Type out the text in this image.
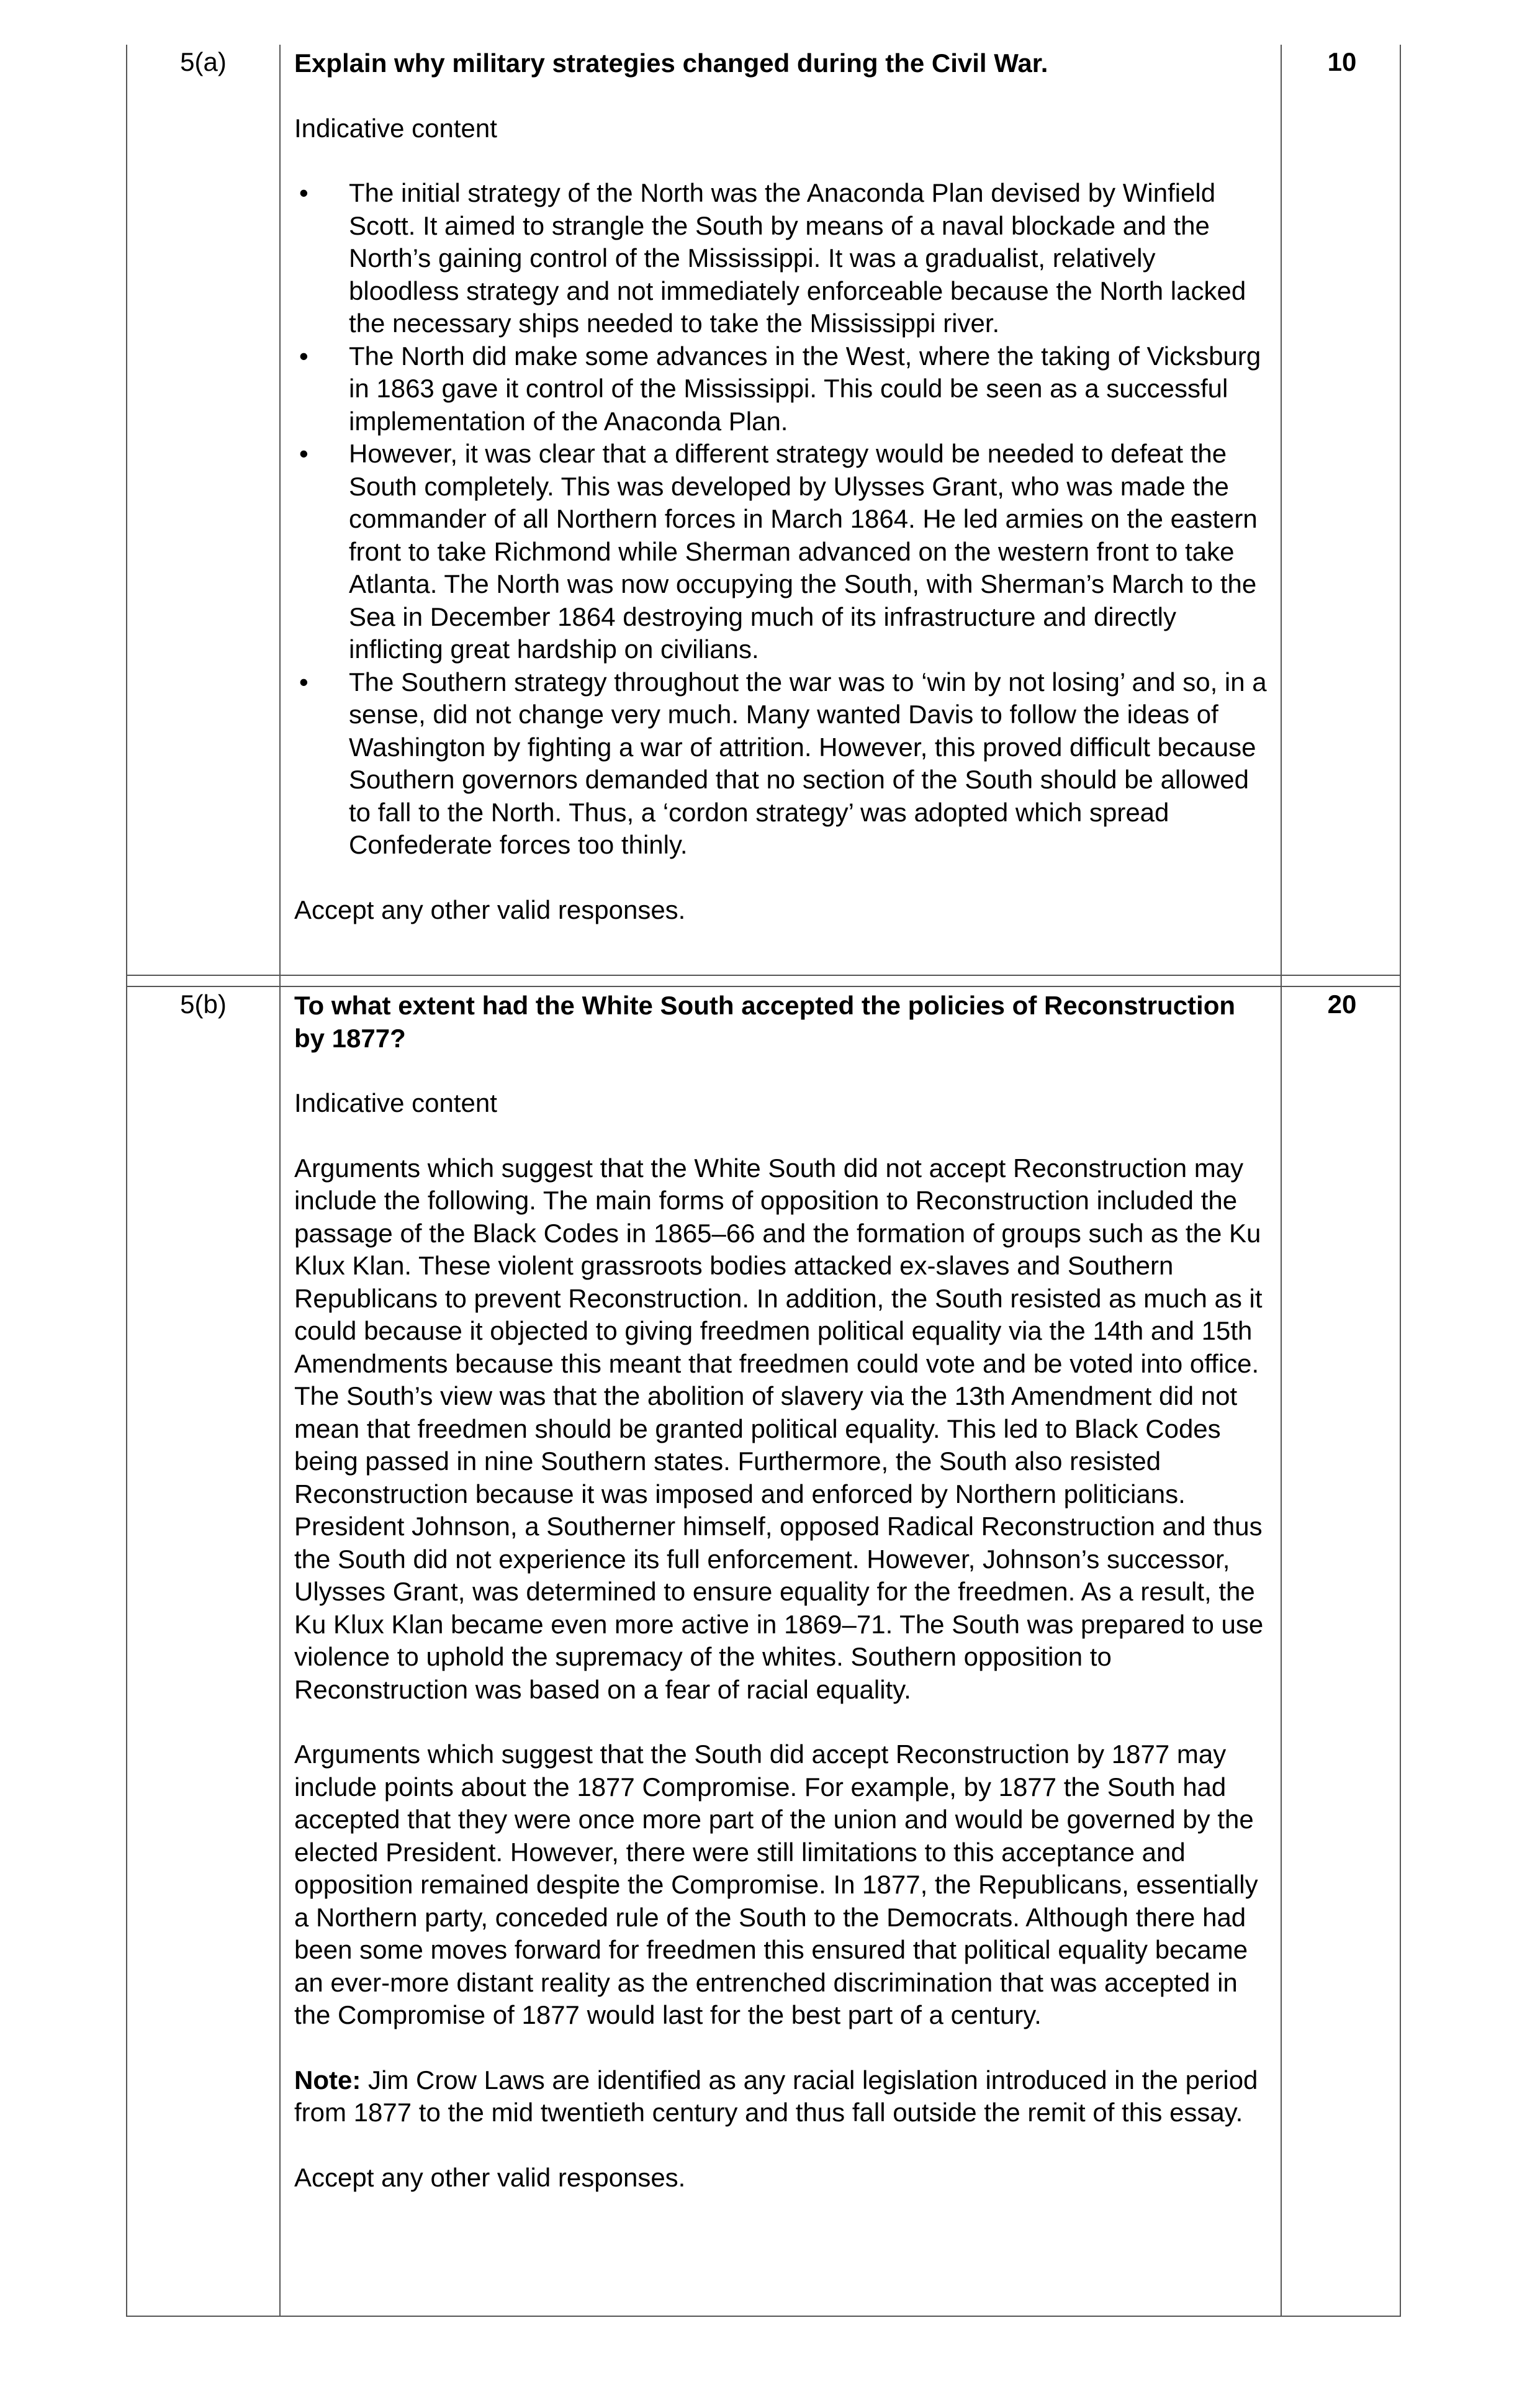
5(a)	Explain why military strategies changed during the Civil War.

Indicative content

• The initial strategy of the North was the Anaconda Plan devised by Winfield Scott. It aimed to strangle the South by means of a naval blockade and the North’s gaining control of the Mississippi. It was a gradualist, relatively bloodless strategy and not immediately enforceable because the North lacked the necessary ships needed to take the Mississippi river.
• The North did make some advances in the West, where the taking of Vicksburg in 1863 gave it control of the Mississippi. This could be seen as a successful implementation of the Anaconda Plan.
• However, it was clear that a different strategy would be needed to defeat the South completely. This was developed by Ulysses Grant, who was made the commander of all Northern forces in March 1864. He led armies on the eastern front to take Richmond while Sherman advanced on the western front to take Atlanta. The North was now occupying the South, with Sherman’s March to the Sea in December 1864 destroying much of its infrastructure and directly inflicting great hardship on civilians.
• The Southern strategy throughout the war was to ‘win by not losing’ and so, in a sense, did not change very much. Many wanted Davis to follow the ideas of Washington by fighting a war of attrition. However, this proved difficult because Southern governors demanded that no section of the South should be allowed to fall to the North. Thus, a ‘cordon strategy’ was adopted which spread Confederate forces too thinly.

Accept any other valid responses.

10
5(b)	To what extent had the White South accepted the policies of Reconstruction by 1877?

Indicative content

Arguments which suggest that the White South did not accept Reconstruction may include the following. The main forms of opposition to Reconstruction included the passage of the Black Codes in 1865–66 and the formation of groups such as the Ku Klux Klan. These violent grassroots bodies attacked ex-slaves and Southern Republicans to prevent Reconstruction. In addition, the South resisted as much as it could because it objected to giving freedmen political equality via the 14th and 15th Amendments because this meant that freedmen could vote and be voted into office. The South’s view was that the abolition of slavery via the 13th Amendment did not mean that freedmen should be granted political equality. This led to Black Codes being passed in nine Southern states. Furthermore, the South also resisted Reconstruction because it was imposed and enforced by Northern politicians. President Johnson, a Southerner himself, opposed Radical Reconstruction and thus the South did not experience its full enforcement. However, Johnson’s successor, Ulysses Grant, was determined to ensure equality for the freedmen. As a result, the Ku Klux Klan became even more active in 1869–71. The South was prepared to use violence to uphold the supremacy of the whites. Southern opposition to Reconstruction was based on a fear of racial equality.

Arguments which suggest that the South did accept Reconstruction by 1877 may include points about the 1877 Compromise. For example, by 1877 the South had accepted that they were once more part of the union and would be governed by the elected President. However, there were still limitations to this acceptance and opposition remained despite the Compromise. In 1877, the Republicans, essentially a Northern party, conceded rule of the South to the Democrats. Although there had been some moves forward for freedmen this ensured that political equality became an ever-more distant reality as the entrenched discrimination that was accepted in the Compromise of 1877 would last for the best part of a century.

Note: Jim Crow Laws are identified as any racial legislation introduced in the period from 1877 to the mid twentieth century and thus fall outside the remit of this essay.

Accept any other valid responses.

20
